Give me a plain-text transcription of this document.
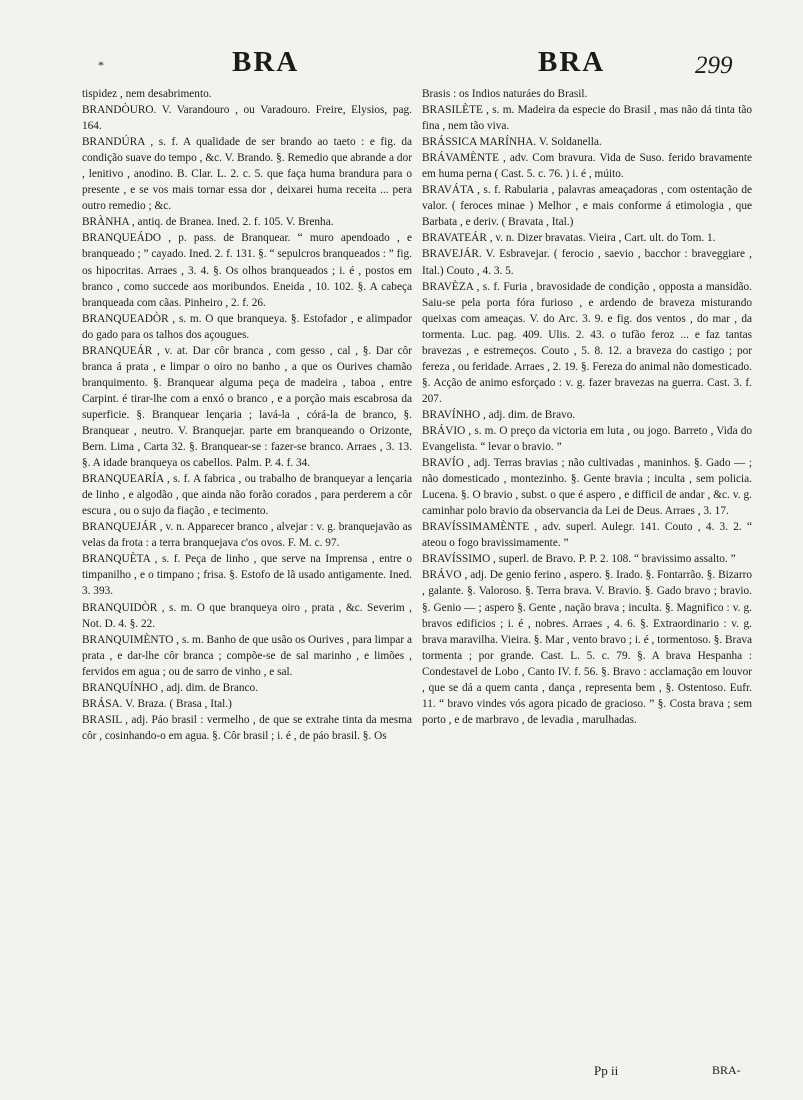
*	BRA	BRA	299

tispidez , nem desabrimento.

BRANDÒURO. V. Varandouro , ou Varadouro. Freire, Elysios, pag. 164.

BRANDÚRA , s. f. A qualidade de ser brando ao taeto : e fig. da condição suave do tempo , &c. V. Brando. §. Remedio que abrande a dor , lenitivo , anodino. B. Clar. L. 2. c. 5. que faça huma brandura para o presente , e se vos mais tornar essa dor , deixarei huma receita ... pera outro remedio ; &c.

BRÀNHA , antiq. de Branea. Ined. 2. f. 105. V. Brenha.

BRANQUEÁDO , p. pass. de Branquear. “ muro apendoado , e branqueado ; ” cayado. Ined. 2. f. 131. §. “ sepulcros branqueados : ” fig. os hipocritas. Arraes , 3. 4. §. Os olhos branqueados ; i. é , postos em branco , como succede aos moribundos. Eneida , 10. 102. §. A cabeça branqueada com cãas. Pinheiro , 2. f. 26.

BRANQUEADÒR , s. m. O que branqueya. §. Estofador , e alimpador do gado para os talhos dos açougues.

BRANQUEÁR , v. at. Dar côr branca , com gesso , cal , §. Dar côr branca á prata , e limpar o oiro no banho , a que os Ourives chamão branquimento. §. Branquear alguma peça de madeira , taboa , entre Carpint. é tirar-lhe com a enxó o branco , e a porção mais escabrosa da superficie. §. Branquear lençaria ; lavá-la , córá-la de branco, §. Branquear , neutro. V. Branquejar. parte em branqueando o Orizonte, Bern. Lima , Carta 32. §. Branquear-se : fazer-se branco. Arraes , 3. 13. §. A idade branqueya os cabellos. Palm. P. 4. f. 34.

BRANQUEARÍA , s. f. A fabrica , ou trabalho de branqueyar a lençaria de linho , e algodão , que ainda não forão corados , para perderem a côr escura , ou o sujo da fiação , e tecimento.

BRANQUEJÁR , v. n. Apparecer branco , alvejar : v. g. branquejavão as velas da frota : a terra branquejava c'os ovos. F. M. c. 97.

BRANQUÈTA , s. f. Peça de linho , que serve na Imprensa , entre o timpanilho , e o timpano ; frisa. §. Estofo de lã usado antigamente. Ined. 3. 393.

BRANQUIDÒR , s. m. O que branqueya oiro , prata , &c. Severim , Not. D. 4. §. 22.

BRANQUIMÈNTO , s. m. Banho de que usão os Ourives , para limpar a prata , e dar-lhe côr branca ; compõe-se de sal marinho , e limões , fervidos em agua ; ou de sarro de vinho , e sal.

BRANQUÍNHO , adj. dim. de Branco.

BRÁSA. V. Braza. ( Brasa , Ital.)

BRASIL , adj. Páo brasil : vermelho , de que se extrahe tinta da mesma côr , cosinhando-o em agua. §. Côr brasil ; i. é , de páo brasil. §. Os

Brasis : os Indios naturáes do Brasil.

BRASILÈTE , s. m. Madeira da especie do Brasil , mas não dá tinta tão fina , nem tão viva.

BRÁSSICA MARÍNHA. V. Soldanella.

BRÁVAMÈNTE , adv. Com bravura. Vida de Suso. ferido bravamente em huma perna ( Cast. 5. c. 76. ) i. é , múito.

BRAVÁTA , s. f. Rabularia , palavras ameaçadoras , com ostentação de valor. ( feroces minae ) Melhor , e mais conforme á etimologia , que Barbata , e deriv. ( Bravata , Ital.)

BRAVATEÁR , v. n. Dizer bravatas. Vieira , Cart. ult. do Tom. 1.

BRAVEJÁR. V. Esbravejar. ( ferocio , saevio , bacchor : braveggiare , Ital.) Couto , 4. 3. 5.

BRAVÈZA , s. f. Furia , bravosidade de condição , opposta a mansidão. Saiu-se pela porta fóra furioso , e ardendo de braveza misturando queixas com ameaças. V. do Arc. 3. 9. e fig. dos ventos , do mar , da tormenta. Luc. pag. 409. Ulis. 2. 43. o tufão feroz ... e faz tantas bravezas , e estremeços. Couto , 5. 8. 12. a braveza do castigo ; por fereza , ou feridade. Arraes , 2. 19. §. Fereza do animal não domesticado. §. Acção de animo esforçado : v. g. fazer bravezas na guerra. Cast. 3. f. 207.

BRAVÍNHO , adj. dim. de Bravo.

BRÁVIO , s. m. O preço da victoria em luta , ou jogo. Barreto , Vida do Evangelista. “ levar o bravio. ”

BRAVÍO , adj. Terras bravias ; não cultivadas , maninhos. §. Gado — ; não domesticado , montezinho. §. Gente bravia ; inculta , sem policia. Lucena. §. O bravio , subst. o que é aspero , e difficil de andar , &c. v. g. caminhar polo bravio da observancia da Lei de Deus. Arraes , 3. 17.

BRAVÍSSIMAMÈNTE , adv. superl. Aulegr. 141. Couto , 4. 3. 2. “ ateou o fogo bravissimamente. ”

BRAVÍSSIMO , superl. de Bravo. P. P. 2. 108. “ bravissimo assalto. ”

BRÁVO , adj. De genio ferino , aspero. §. Irado. §. Fontarrão. §. Bizarro , galante. §. Valoroso. §. Terra brava. V. Bravio. §. Gado bravo ; bravio. §. Genio — ; aspero §. Gente , nação brava ; inculta. §. Magnifico : v. g. bravos edificios ; i. é , nobres. Arraes , 4. 6. §. Extraordinario : v. g. brava maravilha. Vieira. §. Mar , vento bravo ; i. é , tormentoso. §. Brava tormenta ; por grande. Cast. L. 5. c. 79. §. A brava Hespanha : Condestavel de Lobo , Canto IV. f. 56. §. Bravo : acclamação em louvor , que se dá a quem canta , dança , representa bem , §. Ostentoso. Eufr. 11. “ bravo vindes vós agora picado de gracioso. ” §. Costa brava ; sem porto , e de marbravo , de levadia , marulhadas.

Pp ii	BRA-
